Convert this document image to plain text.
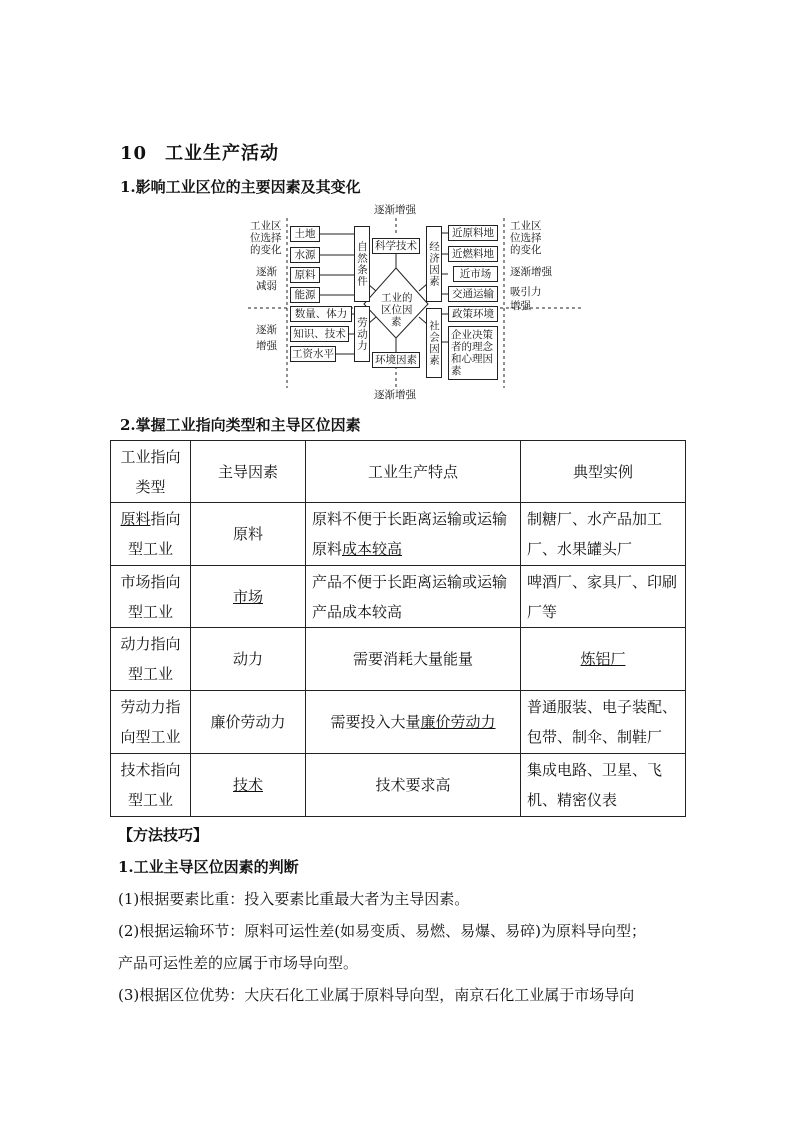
10 工业生产活动
1.影响工业区位的主要因素及其变化
逐渐增强
逐渐增强
工业区
位选择
的变化
逐渐
减弱
逐渐
增强
工业区
位选择
的变化
逐渐增强
吸引力
增强
土地
水源
原料
能源
自然条件
数量、体力
知识、技术
工资水平
劳动力
科学技术
工业的
区位因
素
环境因素
经济因素
近原料地
近燃料地
近市场
交通运输
社会因素
政策环境
企业决策者的理念和心理因素
2.掌握工业指向类型和主导区位因素
工业指向类型	主导因素	工业生产特点	典型实例
原料指向型工业	原料	原料不便于长距离运输或运输原料成本较高	制糖厂、水产品加工厂、水果罐头厂
市场指向型工业	市场	产品不便于长距离运输或运输产品成本较高	啤酒厂、家具厂、印刷厂等
动力指向型工业	动力	需要消耗大量能量	炼铝厂
劳动力指向型工业	廉价劳动力	需要投入大量廉价劳动力	普通服装、电子装配、包带、制伞、制鞋厂
技术指向型工业	技术	技术要求高	集成电路、卫星、飞机、精密仪表
【方法技巧】
1.工业主导区位因素的判断
(1)根据要素比重：投入要素比重最大者为主导因素。
(2)根据运输环节：原料可运性差(如易变质、易燃、易爆、易碎)为原料导向型；
产品可运性差的应属于市场导向型。
(3)根据区位优势：大庆石化工业属于原料导向型，南京石化工业属于市场导向
